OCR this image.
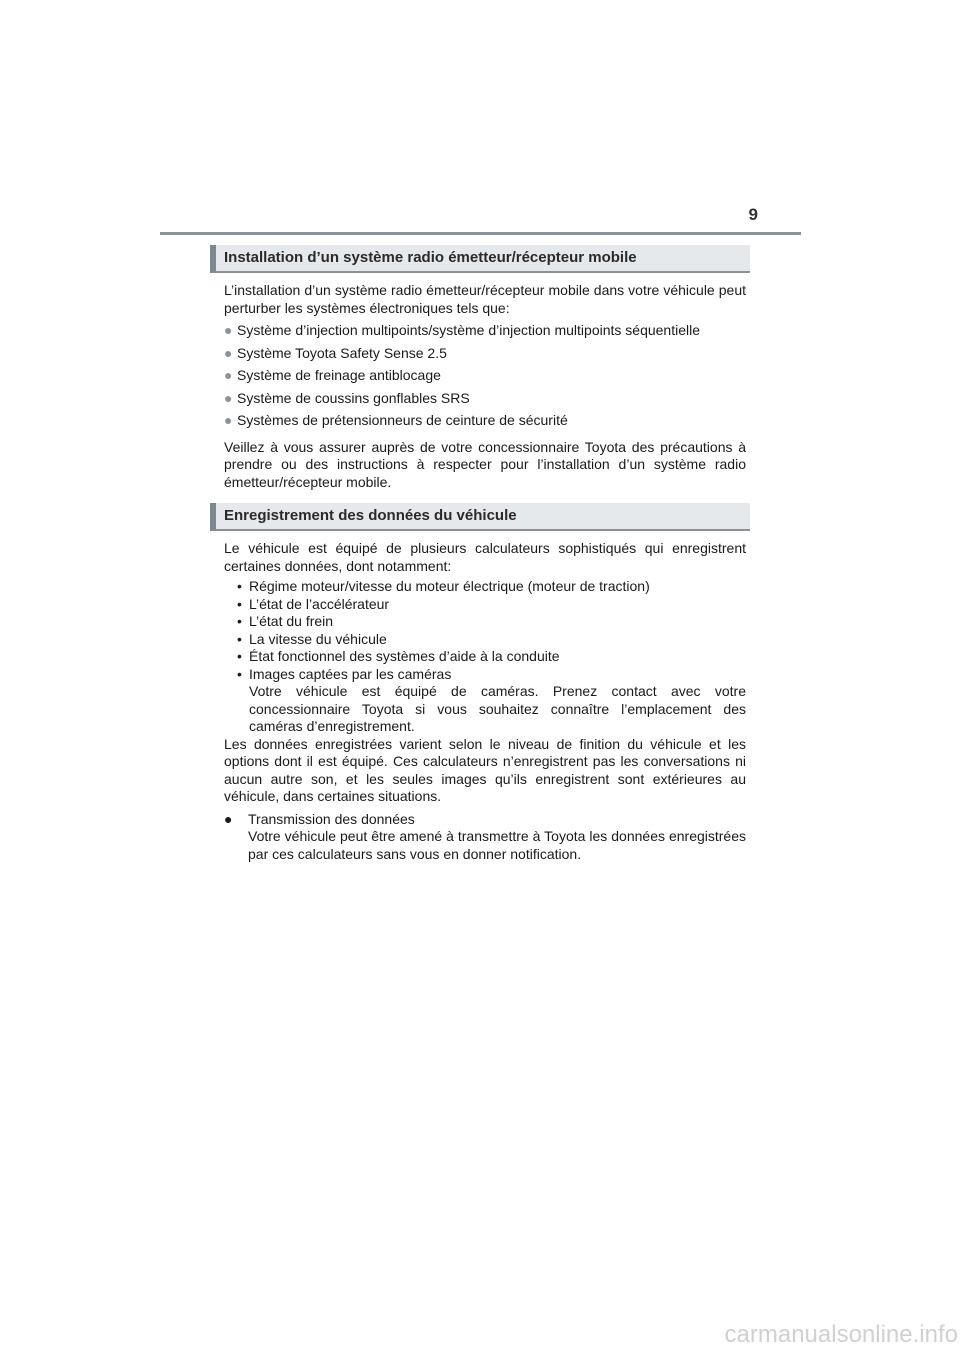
9
Installation d’un système radio émetteur/récepteur mobile

L’installation d’un système radio émetteur/récepteur mobile dans votre véhicule peut perturber les systèmes électroniques tels que:

● Système d’injection multipoints/système d’injection multipoints séquentielle
● Système Toyota Safety Sense 2.5
● Système de freinage antiblocage
● Système de coussins gonflables SRS
● Systèmes de prétensionneurs de ceinture de sécurité

Veillez à vous assurer auprès de votre concessionnaire Toyota des précautions à prendre ou des instructions à respecter pour l’installation d’un système radio émetteur/récepteur mobile.

Enregistrement des données du véhicule

Le véhicule est équipé de plusieurs calculateurs sophistiqués qui enregistrent certaines données, dont notamment:

• Régime moteur/vitesse du moteur électrique (moteur de traction)
• L’état de l’accélérateur
• L’état du frein
• La vitesse du véhicule
• État fonctionnel des systèmes d’aide à la conduite
• Images captées par les caméras

Votre véhicule est équipé de caméras. Prenez contact avec votre concessionnaire Toyota si vous souhaitez connaître l’emplacement des caméras d’enregistrement.

Les données enregistrées varient selon le niveau de finition du véhicule et les options dont il est équipé. Ces calculateurs n’enregistrent pas les conversations ni aucun autre son, et les seules images qu’ils enregistrent sont extérieures au véhicule, dans certaines situations.

●	Transmission des données

Votre véhicule peut être amené à transmettre à Toyota les données enregistrées par ces calculateurs sans vous en donner notification.

carmanualsonline.info
